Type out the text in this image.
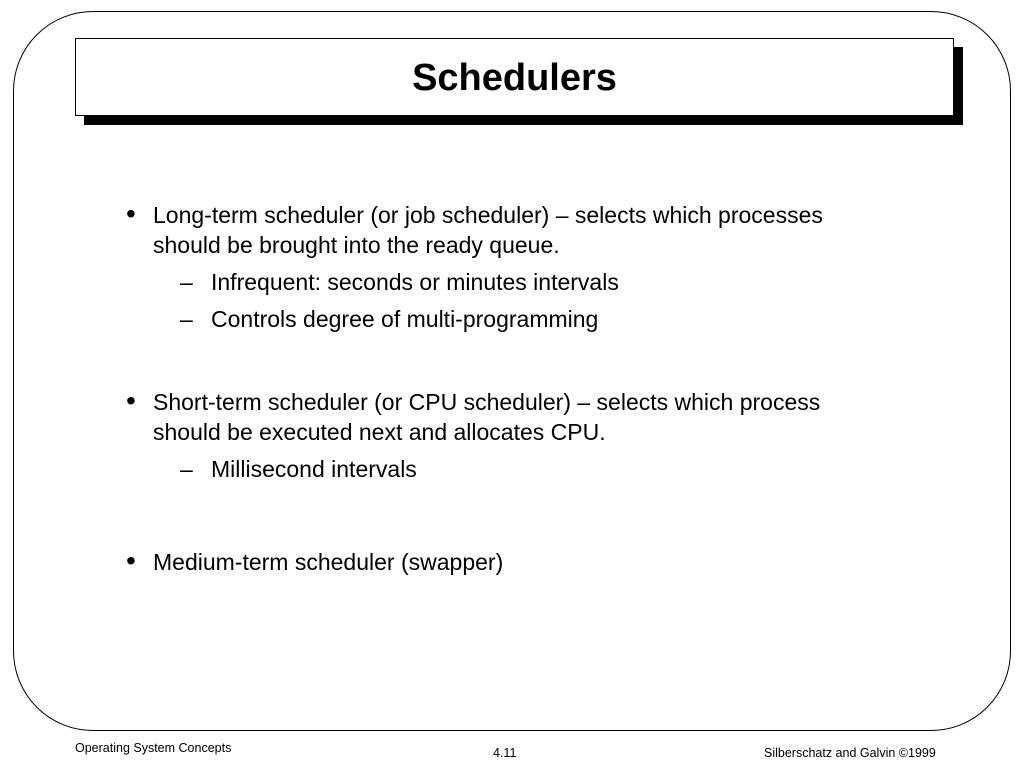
Schedulers
• Long-term scheduler (or job scheduler) – selects which processes should be brought into the ready queue.
– Infrequent: seconds or minutes intervals
– Controls degree of multi-programming
• Short-term scheduler (or CPU scheduler) – selects which process should be executed next and allocates CPU.
– Millisecond intervals
• Medium-term scheduler (swapper)
Operating System Concepts	4.11	Silberschatz and Galvin ©1999
